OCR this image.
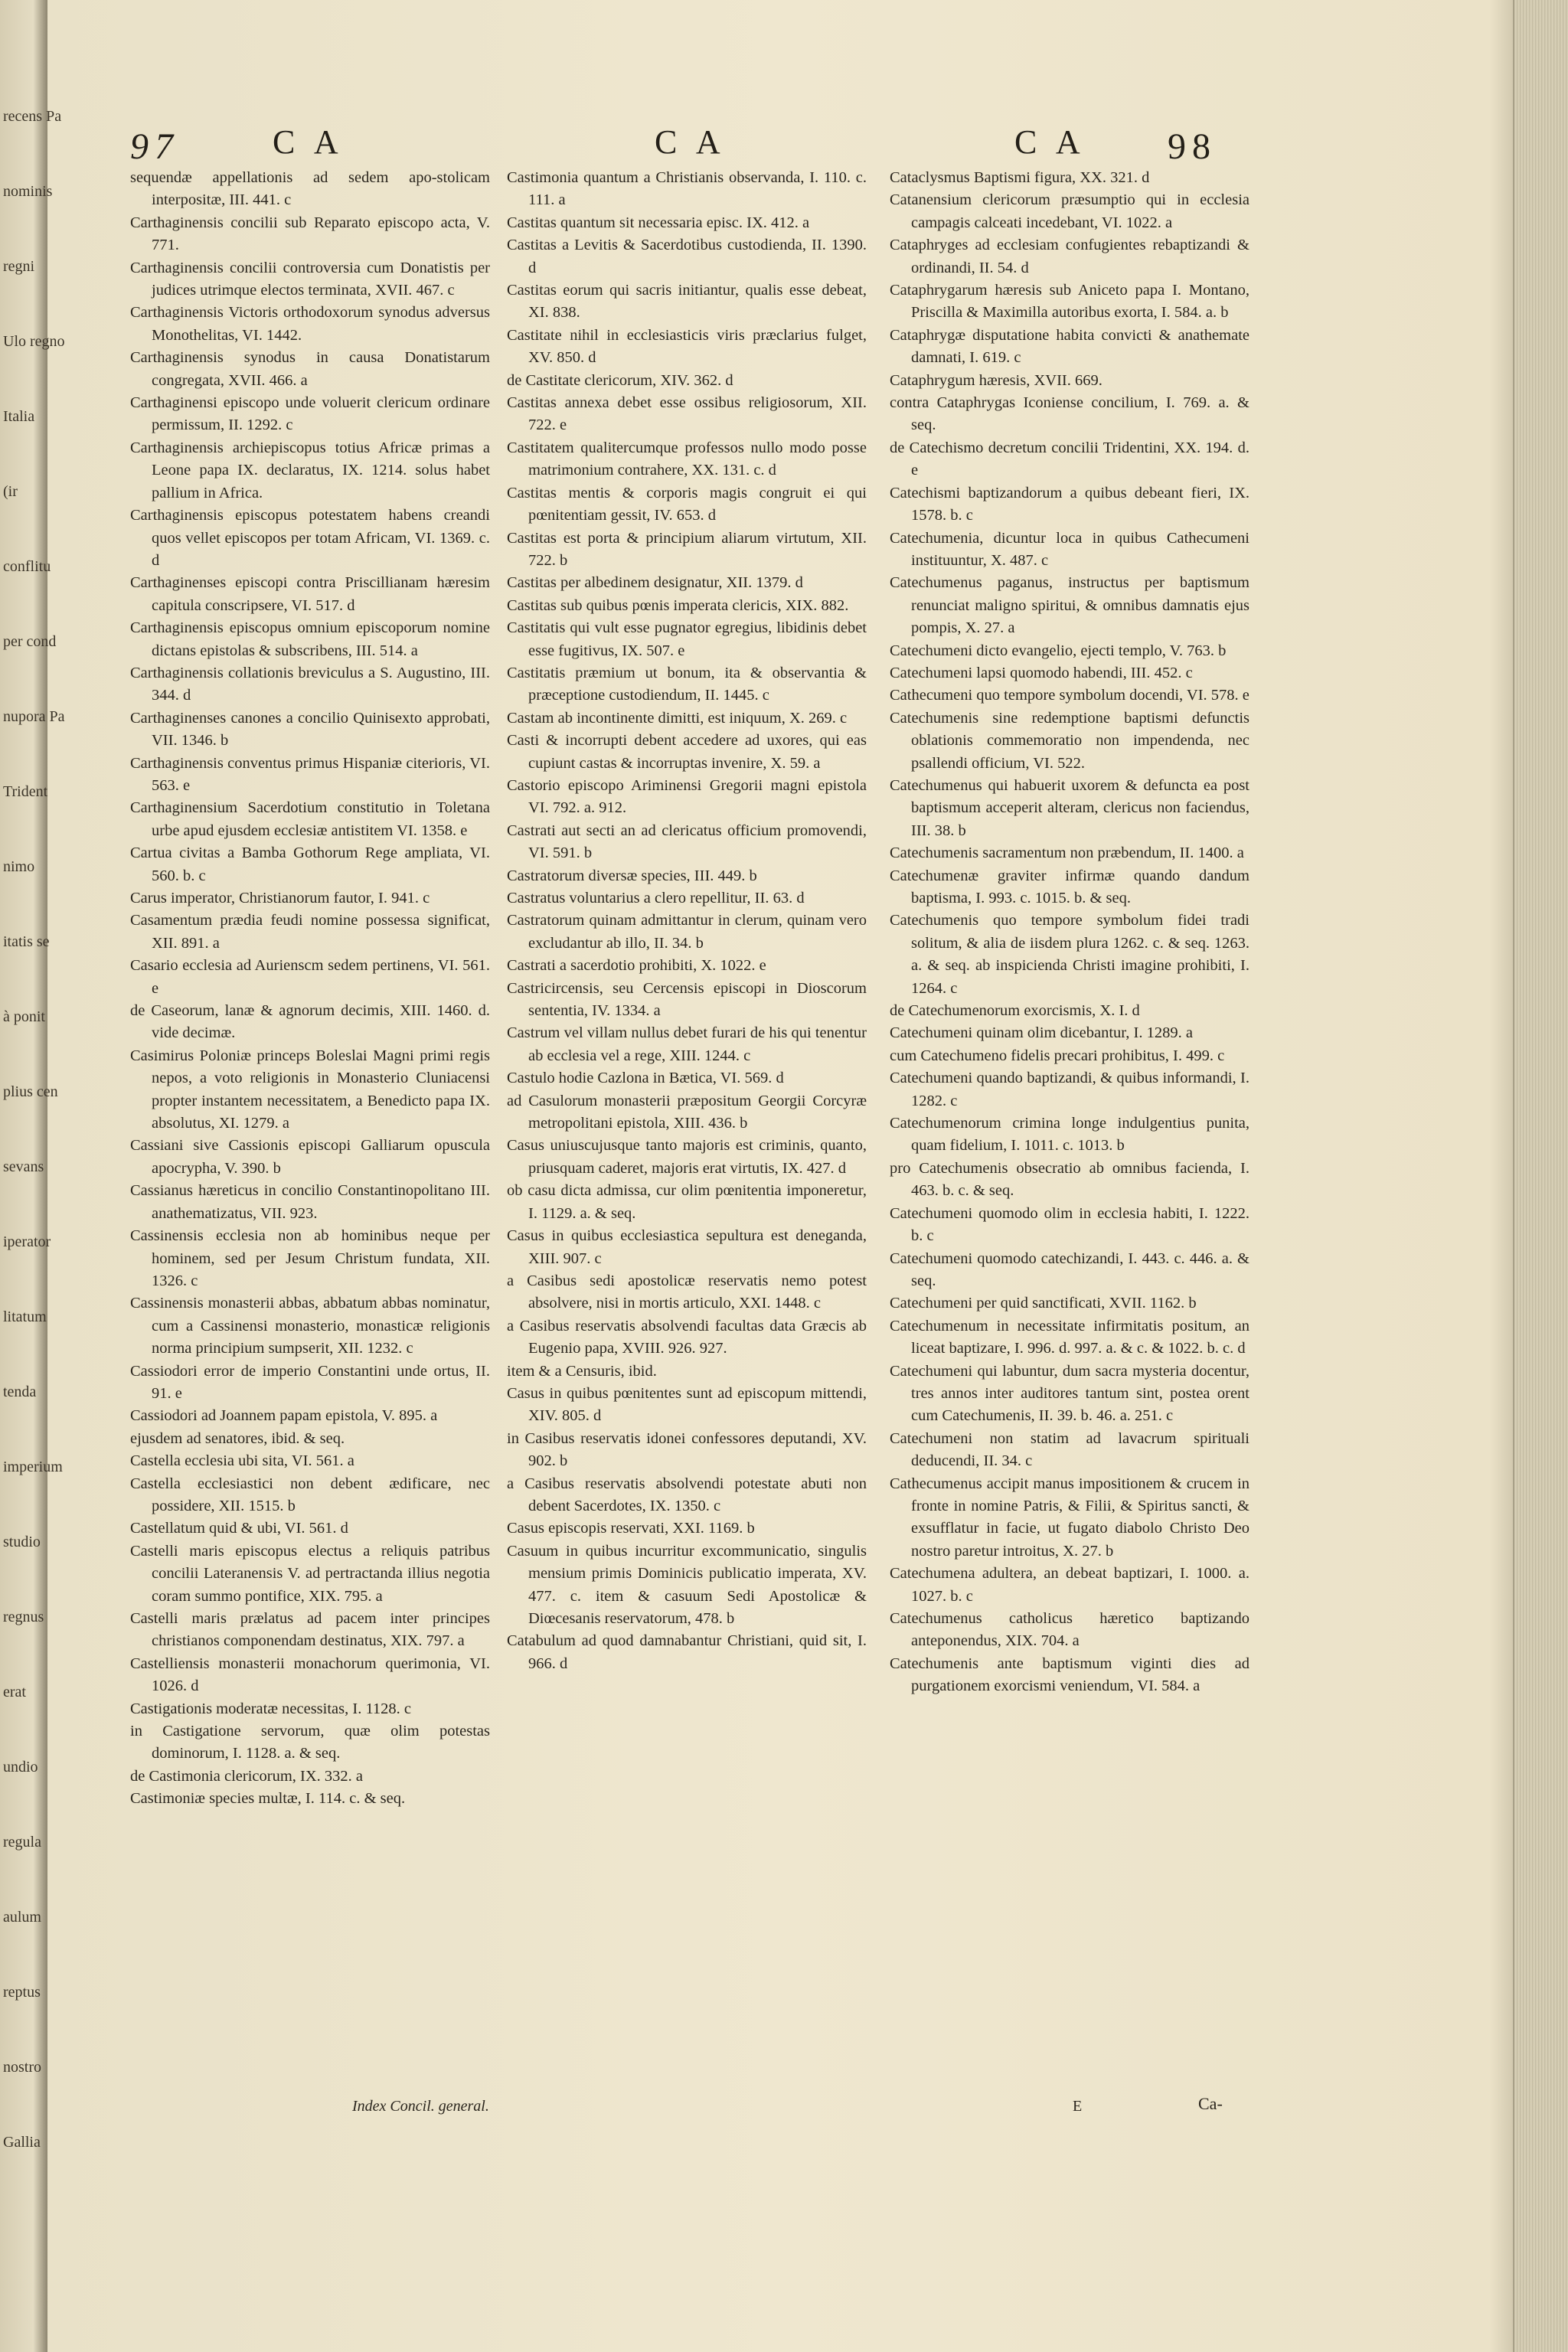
recens Pa
nominis
regni
Ulo regno
Italia
(ir
conflitu
per cond
nupora Pa
Trident
nimo
itatis se
à ponit
plius cen
sevans
iperator
litatum
tenda
imperium
studio
regnus
erat
undio
regula
aulum
reptus
nostro
Gallia
97	C A	C A	C A 98

sequendæ appellationis ad sedem apo-stolicam interpositæ, III. 441. c

Carthaginensis concilii sub Reparato episcopo acta, V. 771.

Carthaginensis concilii controversia cum Donatistis per judices utrimque electos terminata, XVII. 467. c

Carthaginensis Victoris orthodoxorum synodus adversus Monothelitas, VI. 1442.

Carthaginensis synodus in causa Donatistarum congregata, XVII. 466. a

Carthaginensi episcopo unde voluerit clericum ordinare permissum, II. 1292. c

Carthaginensis archiepiscopus totius Africæ primas a Leone papa IX. declaratus, IX. 1214. solus habet pallium in Africa.

Carthaginensis episcopus potestatem habens creandi quos vellet episcopos per totam Africam, VI. 1369. c. d

Carthaginenses episcopi contra Priscillianam hæresim capitula conscripsere, VI. 517. d

Carthaginensis episcopus omnium episcoporum nomine dictans epistolas & subscribens, III. 514. a

Carthaginensis collationis breviculus a S. Augustino, III. 344. d

Carthaginenses canones a concilio Quinisexto approbati, VII. 1346. b

Carthaginensis conventus primus Hispaniæ citerioris, VI. 563. e

Carthaginensium Sacerdotium constitutio in Toletana urbe apud ejusdem ecclesiæ antistitem VI. 1358. e

Cartua civitas a Bamba Gothorum Rege ampliata, VI. 560. b. c

Carus imperator, Christianorum fautor, I. 941. c

Casamentum prædia feudi nomine possessa significat, XII. 891. a

Casario ecclesia ad Aurienscm sedem pertinens, VI. 561. e

de Caseorum, lanæ & agnorum decimis, XIII. 1460. d. vide decimæ.

Casimirus Poloniæ princeps Boleslai Magni primi regis nepos, a voto religionis in Monasterio Cluniacensi propter instantem necessitatem, a Benedicto papa IX. absolutus, XI. 1279. a

Cassiani sive Cassionis episcopi Galliarum opuscula apocrypha, V. 390. b

Cassianus hæreticus in concilio Constantinopolitano III. anathematizatus, VII. 923.

Cassinensis ecclesia non ab hominibus neque per hominem, sed per Jesum Christum fundata, XII. 1326. c

Cassinensis monasterii abbas, abbatum abbas nominatur, cum a Cassinensi monasterio, monasticæ religionis norma principium sumpserit, XII. 1232. c

Cassiodori error de imperio Constantini unde ortus, II. 91. e

Cassiodori ad Joannem papam epistola, V. 895. a

ejusdem ad senatores, ibid. & seq.

Castella ecclesia ubi sita, VI. 561. a

Castella ecclesiastici non debent ædificare, nec possidere, XII. 1515. b

Castellatum quid & ubi, VI. 561. d

Castelli maris episcopus electus a reliquis patribus concilii Lateranensis V. ad pertractanda illius negotia coram summo pontifice, XIX. 795. a

Castelli maris prælatus ad pacem inter principes christianos componendam destinatus, XIX. 797. a

Castelliensis monasterii monachorum querimonia, VI. 1026. d

Castigationis moderatæ necessitas, I. 1128. c

in Castigatione servorum, quæ olim potestas dominorum, I. 1128. a. & seq.

de Castimonia clericorum, IX. 332. a

Castimoniæ species multæ, I. 114. c. & seq.

Castimonia quantum a Christianis observanda, I. 110. c. 111. a

Castitas quantum sit necessaria episc. IX. 412. a

Castitas a Levitis & Sacerdotibus custodienda, II. 1390. d

Castitas eorum qui sacris initiantur, qualis esse debeat, XI. 838.

Castitate nihil in ecclesiasticis viris præclarius fulget, XV. 850. d

de Castitate clericorum, XIV. 362. d

Castitas annexa debet esse ossibus religiosorum, XII. 722. e

Castitatem qualitercumque professos nullo modo posse matrimonium contrahere, XX. 131. c. d

Castitas mentis & corporis magis congruit ei qui pœnitentiam gessit, IV. 653. d

Castitas est porta & principium aliarum virtutum, XII. 722. b

Castitas per albedinem designatur, XII. 1379. d

Castitas sub quibus pœnis imperata clericis, XIX. 882.

Castitatis qui vult esse pugnator egregius, libidinis debet esse fugitivus, IX. 507. e

Castitatis præmium ut bonum, ita & observantia & præceptione custodiendum, II. 1445. c

Castam ab incontinente dimitti, est iniquum, X. 269. c

Casti & incorrupti debent accedere ad uxores, qui eas cupiunt castas & incorruptas invenire, X. 59. a

Castorio episcopo Ariminensi Gregorii magni epistola VI. 792. a. 912.

Castrati aut secti an ad clericatus officium promovendi, VI. 591. b

Castratorum diversæ species, III. 449. b

Castratus voluntarius a clero repellitur, II. 63. d

Castratorum quinam admittantur in clerum, quinam vero excludantur ab illo, II. 34. b

Castrati a sacerdotio prohibiti, X. 1022. e

Castricircensis, seu Cercensis episcopi in Dioscorum sententia, IV. 1334. a

Castrum vel villam nullus debet furari de his qui tenentur ab ecclesia vel a rege, XIII. 1244. c

Castulo hodie Cazlona in Bætica, VI. 569. d

ad Casulorum monasterii præpositum Georgii Corcyræ metropolitani epistola, XIII. 436. b

Casus uniuscujusque tanto majoris est criminis, quanto, priusquam caderet, majoris erat virtutis, IX. 427. d

ob casu dicta admissa, cur olim pœnitentia imponeretur, I. 1129. a. & seq.

Casus in quibus ecclesiastica sepultura est deneganda, XIII. 907. c

a Casibus sedi apostolicæ reservatis nemo potest absolvere, nisi in mortis articulo, XXI. 1448. c

a Casibus reservatis absolvendi facultas data Græcis ab Eugenio papa, XVIII. 926. 927.

item & a Censuris, ibid.

Casus in quibus pœnitentes sunt ad episcopum mittendi, XIV. 805. d

in Casibus reservatis idonei confessores deputandi, XV. 902. b

a Casibus reservatis absolvendi potestate abuti non debent Sacerdotes, IX. 1350. c

Casus episcopis reservati, XXI. 1169. b

Casuum in quibus incurritur excommunicatio, singulis mensium primis Dominicis publicatio imperata, XV. 477. c. item & casuum Sedi Apostolicæ & Diœcesanis reservatorum, 478. b

Catabulum ad quod damnabantur Christiani, quid sit, I. 966. d

Cataclysmus Baptismi figura, XX. 321. d

Catanensium clericorum præsumptio qui in ecclesia campagis calceati incedebant, VI. 1022. a

Cataphryges ad ecclesiam confugientes rebaptizandi & ordinandi, II. 54. d

Cataphrygarum hæresis sub Aniceto papa I. Montano, Priscilla & Maximilla autoribus exorta, I. 584. a. b

Cataphrygæ disputatione habita convicti & anathemate damnati, I. 619. c

Cataphrygum hæresis, XVII. 669.

contra Cataphrygas Iconiense concilium, I. 769. a. & seq.

de Catechismo decretum concilii Tridentini, XX. 194. d. e

Catechismi baptizandorum a quibus debeant fieri, IX. 1578. b. c

Catechumenia, dicuntur loca in quibus Cathecumeni instituuntur, X. 487. c

Catechumenus paganus, instructus per baptismum renunciat maligno spiritui, & omnibus damnatis ejus pompis, X. 27. a

Catechumeni dicto evangelio, ejecti templo, V. 763. b

Catechumeni lapsi quomodo habendi, III. 452. c

Cathecumeni quo tempore symbolum docendi, VI. 578. e

Catechumenis sine redemptione baptismi defunctis oblationis commemoratio non impendenda, nec psallendi officium, VI. 522.

Catechumenus qui habuerit uxorem & defuncta ea post baptismum acceperit alteram, clericus non faciendus, III. 38. b

Catechumenis sacramentum non præbendum, II. 1400. a

Catechumenæ graviter infirmæ quando dandum baptisma, I. 993. c. 1015. b. & seq.

Catechumenis quo tempore symbolum fidei tradi solitum, & alia de iisdem plura 1262. c. & seq. 1263. a. & seq. ab inspicienda Christi imagine prohibiti, I. 1264. c

de Catechumenorum exorcismis, X. I. d

Catechumeni quinam olim dicebantur, I. 1289. a

cum Catechumeno fidelis precari prohibitus, I. 499. c

Catechumeni quando baptizandi, & quibus informandi, I. 1282. c

Catechumenorum crimina longe indulgentius punita, quam fidelium, I. 1011. c. 1013. b

pro Catechumenis obsecratio ab omnibus facienda, I. 463. b. c. & seq.

Catechumeni quomodo olim in ecclesia habiti, I. 1222. b. c

Catechumeni quomodo catechizandi, I. 443. c. 446. a. & seq.

Catechumeni per quid sanctificati, XVII. 1162. b

Catechumenum in necessitate infirmitatis positum, an liceat baptizare, I. 996. d. 997. a. & c. & 1022. b. c. d

Catechumeni qui labuntur, dum sacra mysteria docentur, tres annos inter auditores tantum sint, postea orent cum Catechumenis, II. 39. b. 46. a. 251. c

Catechumeni non statim ad lavacrum spirituali deducendi, II. 34. c

Cathecumenus accipit manus impositionem & crucem in fronte in nomine Patris, & Filii, & Spiritus sancti, & exsufflatur in facie, ut fugato diabolo Christo Deo nostro paretur introitus, X. 27. b

Catechumena adultera, an debeat baptizari, I. 1000. a. 1027. b. c

Catechumenus catholicus hæretico baptizando anteponendus, XIX. 704. a

Catechumenis ante baptismum viginti dies ad purgationem exorcismi veniendum, VI. 584. a

Index Concil. general.	E	Ca-
